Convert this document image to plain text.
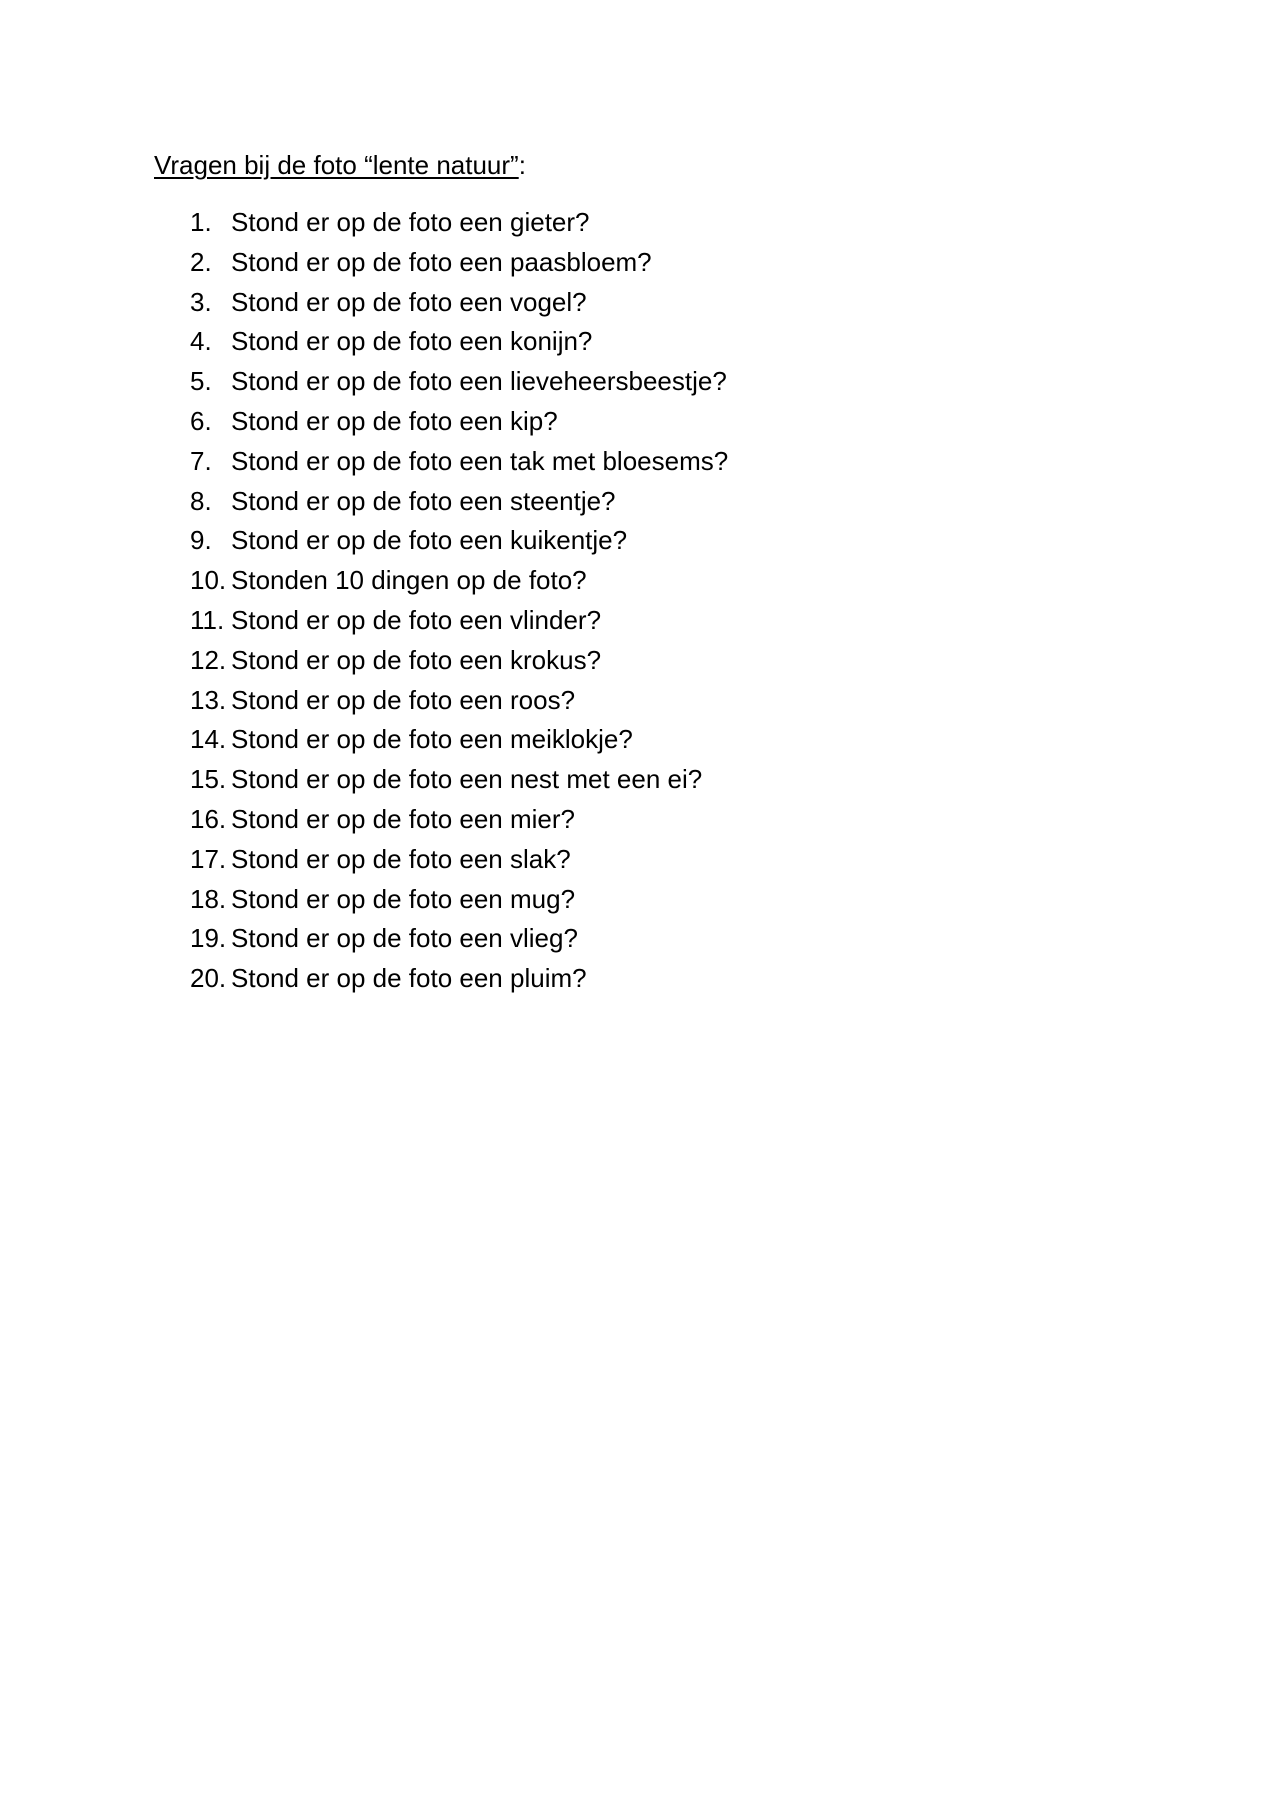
Vragen bij de foto “lente natuur”:
1. Stond er op de foto een gieter?
2. Stond er op de foto een paasbloem?
3. Stond er op de foto een vogel?
4. Stond er op de foto een konijn?
5. Stond er op de foto een lieveheersbeestje?
6. Stond er op de foto een kip?
7. Stond er op de foto een tak met bloesems?
8. Stond er op de foto een steentje?
9. Stond er op de foto een kuikentje?
10. Stonden 10 dingen op de foto?
11. Stond er op de foto een vlinder?
12. Stond er op de foto een krokus?
13. Stond er op de foto een roos?
14. Stond er op de foto een meiklokje?
15. Stond er op de foto een nest met een ei?
16. Stond er op de foto een mier?
17. Stond er op de foto een slak?
18. Stond er op de foto een mug?
19. Stond er op de foto een vlieg?
20. Stond er op de foto een pluim?
